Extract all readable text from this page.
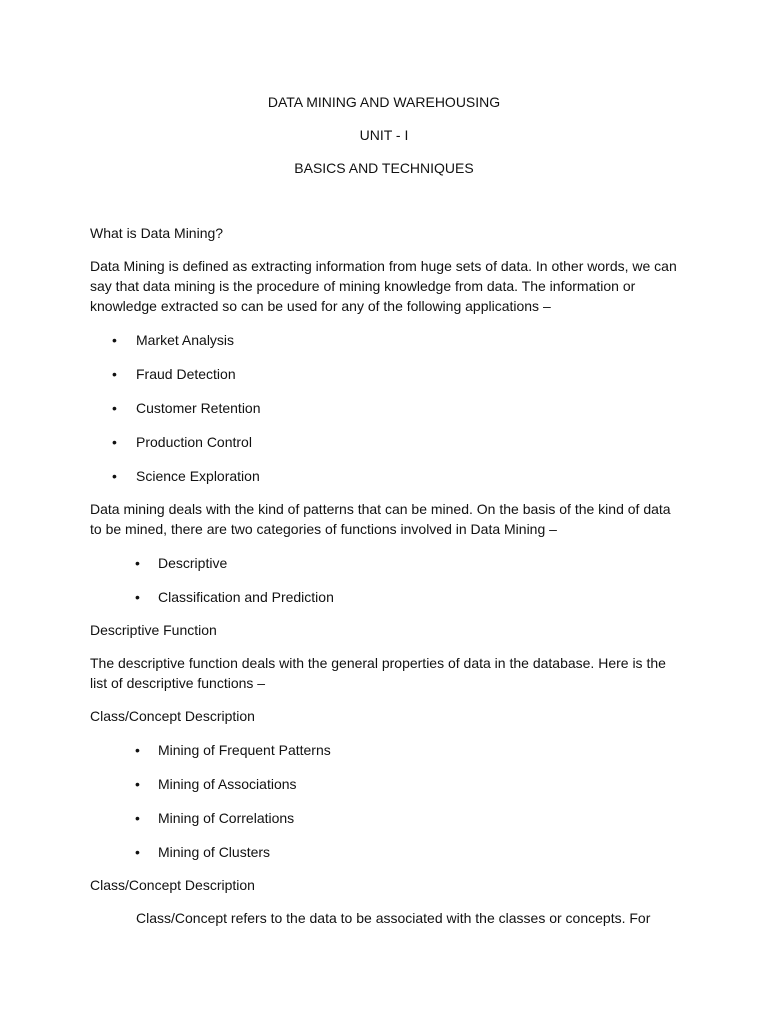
DATA MINING AND WAREHOUSING

UNIT - I

BASICS AND TECHNIQUES

What is Data Mining?

Data Mining is defined as extracting information from huge sets of data. In other words, we can say that data mining is the procedure of mining knowledge from data. The information or knowledge extracted so can be used for any of the following applications –

• Market Analysis
• Fraud Detection
• Customer Retention
• Production Control
• Science Exploration

Data mining deals with the kind of patterns that can be mined. On the basis of the kind of data to be mined, there are two categories of functions involved in Data Mining –

• Descriptive
• Classification and Prediction

Descriptive Function

The descriptive function deals with the general properties of data in the database. Here is the list of descriptive functions –

Class/Concept Description

• Mining of Frequent Patterns
• Mining of Associations
• Mining of Correlations
• Mining of Clusters

Class/Concept Description

Class/Concept refers to the data to be associated with the classes or concepts. For
